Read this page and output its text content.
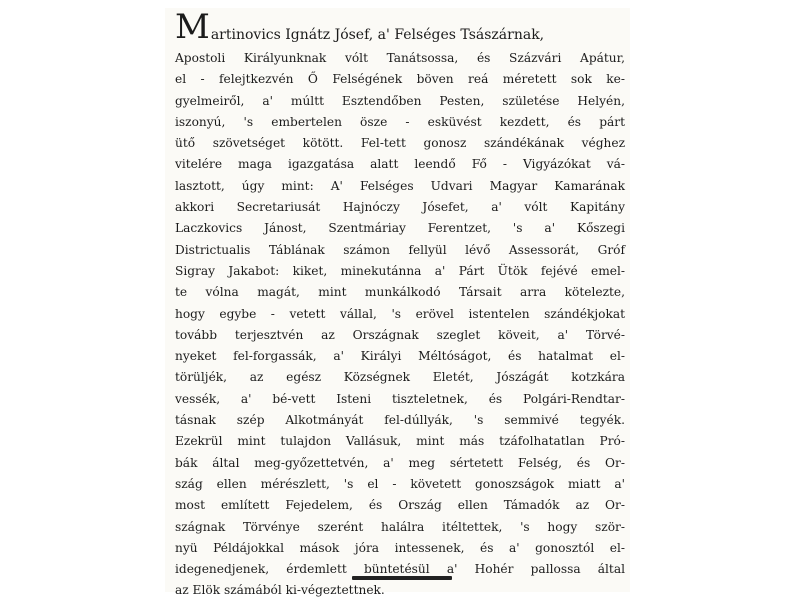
Martinovics Ignátz Jósef, a' Felséges Tsászárnak,
Apostoli Királyunknak vólt Tanátsossa, és Százvári Apátur,
el - felejtkezvén Ő Felségének böven reá méretett sok ke-
gyelmeiről, a' múltt Esztendőben Pesten, születése Helyén,
iszonyú, 's embertelen ösze - esküvést kezdett, és párt
ütő szövetséget kötött. Fel-tett gonosz szándékának véghez
vitelére maga igazgatása alatt leendő Fő - Vigyázókat vá-
lasztott, úgy mint: A' Felséges Udvari Magyar Kamarának
akkori Secretariusát Hajnóczy Jósefet, a' vólt Kapitány
Laczkovics Jánost, Szentmáriay Ferentzet, 's a' Kőszegi
Districtualis Táblának számon fellyül lévő Assessorát, Gróf
Sigray Jakabot: kiket, minekutánna a' Párt Ütök fejévé emel-
te vólna magát, mint munkálkodó Társait arra kötelezte,
hogy egybe - vetett vállal, 's erövel istentelen szándékjokat
tovább terjesztvén az Országnak szeglet köveit, a' Törvé-
nyeket fel-forgassák, a' Királyi Méltóságot, és hatalmat el-
törüljék, az egész Községnek Eletét, Jószágát kotzkára
vessék, a' bé-vett Isteni tiszteletnek, és Polgári-Rendtar-
tásnak szép Alkotmányát fel-dúllyák, 's semmivé tegyék.
Ezekrül mint tulajdon Vallásuk, mint más tzáfolhatatlan Pró-
bák által meg-győzettetvén, a' meg sértetett Felség, és Or-
szág ellen mérészlett, 's el - követett gonoszságok miatt a'
most említett Fejedelem, és Ország ellen Támadók az Or-
szágnak Törvénye szerént halálra itéltettek, 's hogy ször-
nyü Példájokkal mások jóra intessenek, és a' gonosztól el-
idegenedjenek, érdemlett büntetésül a' Hohér pallossa által
az Elök számából ki-végeztettnek.
